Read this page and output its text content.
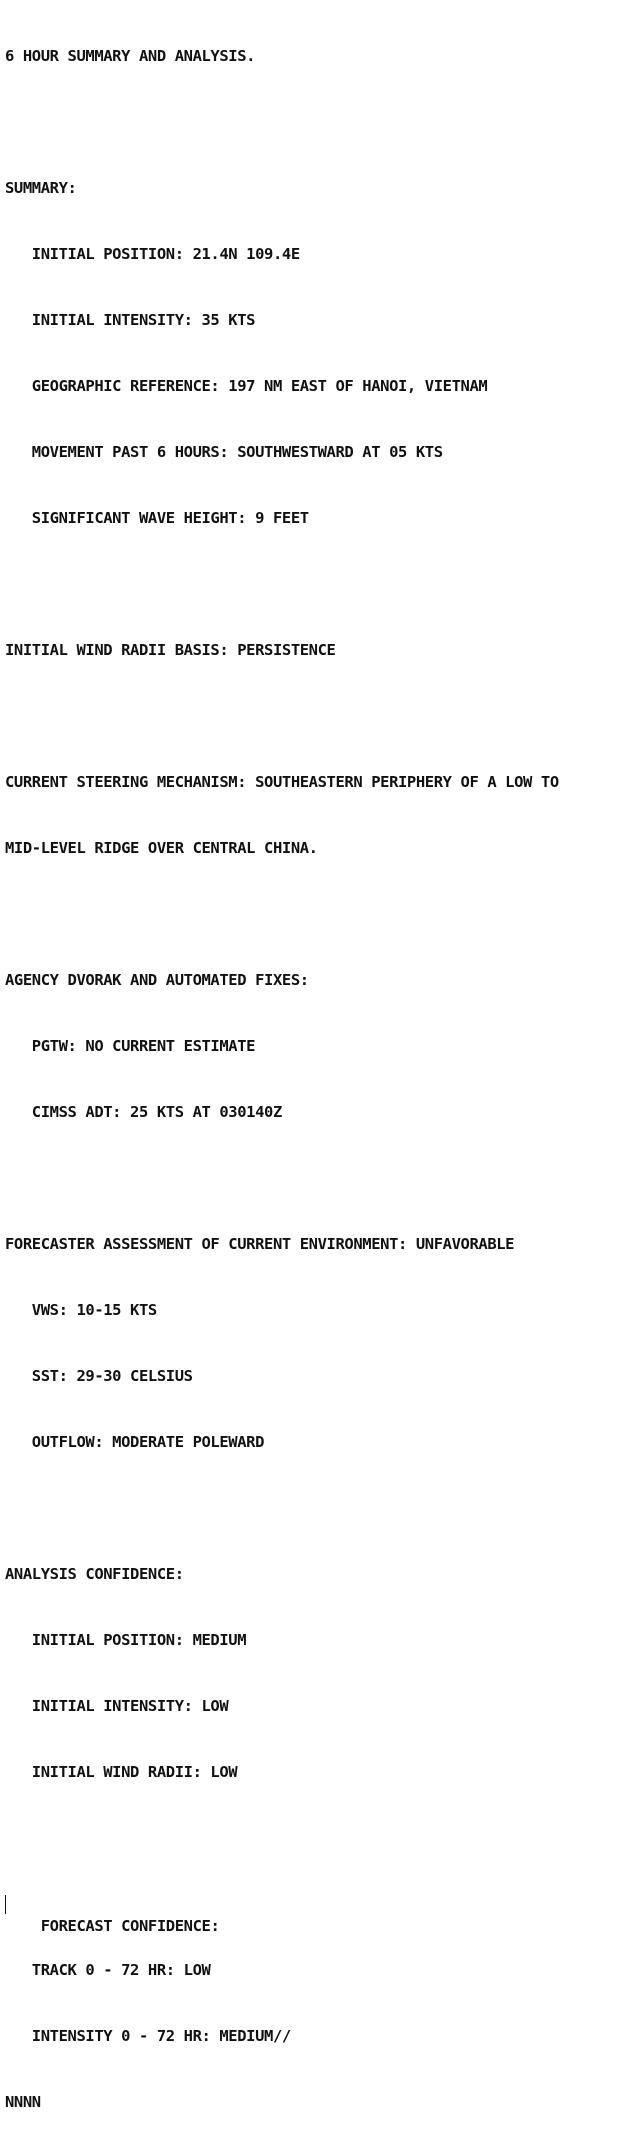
6 HOUR SUMMARY AND ANALYSIS.

SUMMARY:

INITIAL POSITION: 21.4N 109.4E

INITIAL INTENSITY: 35 KTS

GEOGRAPHIC REFERENCE: 197 NM EAST OF HANOI, VIETNAM

MOVEMENT PAST 6 HOURS: SOUTHWESTWARD AT 05 KTS

SIGNIFICANT WAVE HEIGHT: 9 FEET

INITIAL WIND RADII BASIS: PERSISTENCE

CURRENT STEERING MECHANISM: SOUTHEASTERN PERIPHERY OF A LOW TO

MID-LEVEL RIDGE OVER CENTRAL CHINA.

AGENCY DVORAK AND AUTOMATED FIXES:

PGTW: NO CURRENT ESTIMATE

CIMSS ADT: 25 KTS AT 030140Z

FORECASTER ASSESSMENT OF CURRENT ENVIRONMENT: UNFAVORABLE

VWS: 10-15 KTS

SST: 29-30 CELSIUS

OUTFLOW: MODERATE POLEWARD

ANALYSIS CONFIDENCE:

INITIAL POSITION: MEDIUM

INITIAL INTENSITY: LOW

INITIAL WIND RADII: LOW

FORECAST CONFIDENCE:

TRACK 0 - 72 HR: LOW

INTENSITY 0 - 72 HR: MEDIUM//

NNNN
